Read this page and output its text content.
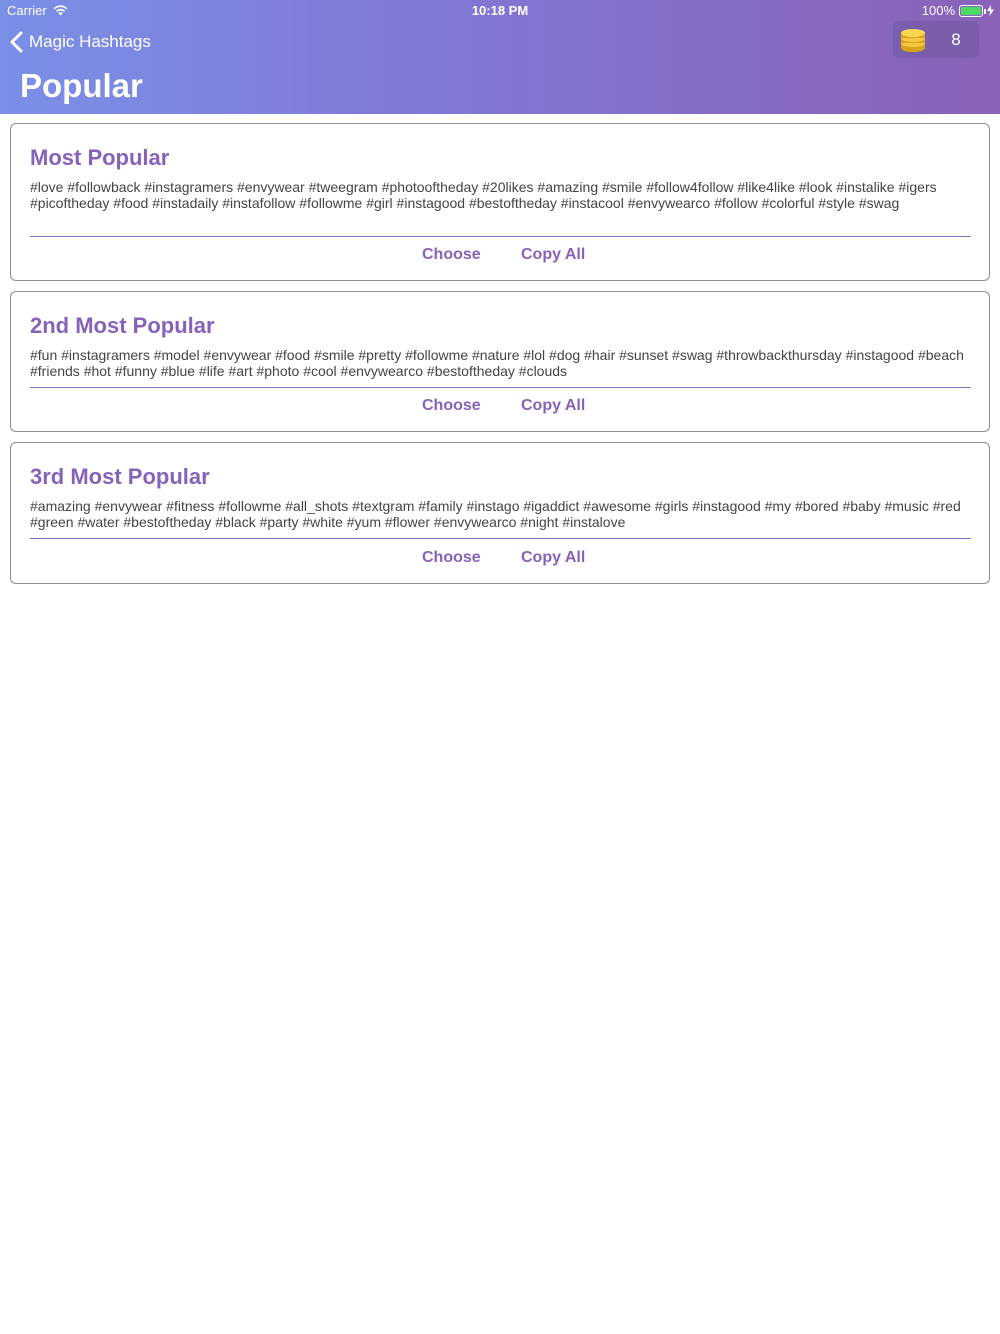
Carrier	10:18 PM	100%
Magic Hashtags	8
Popular
Most Popular
#love #followback #instagramers #envywear #tweegram #photooftheday #20likes #amazing #smile #follow4follow #like4like #look #instalike #igers #picoftheday #food #instadaily #instafollow #followme #girl #instagood #bestoftheday #instacool #envywearco #follow #colorful #style #swag
Choose	Copy All
2nd Most Popular
#fun #instagramers #model #envywear #food #smile #pretty #followme #nature #lol #dog #hair #sunset #swag #throwbackthursday #instagood #beach #friends #hot #funny #blue #life #art #photo #cool #envywearco #bestoftheday #clouds
Choose	Copy All
3rd Most Popular
#amazing #envywear #fitness #followme #all_shots #textgram #family #instago #igaddict #awesome #girls #instagood #my #bored #baby #music #red #green #water #bestoftheday #black #party #white #yum #flower #envywearco #night #instalove
Choose	Copy All
